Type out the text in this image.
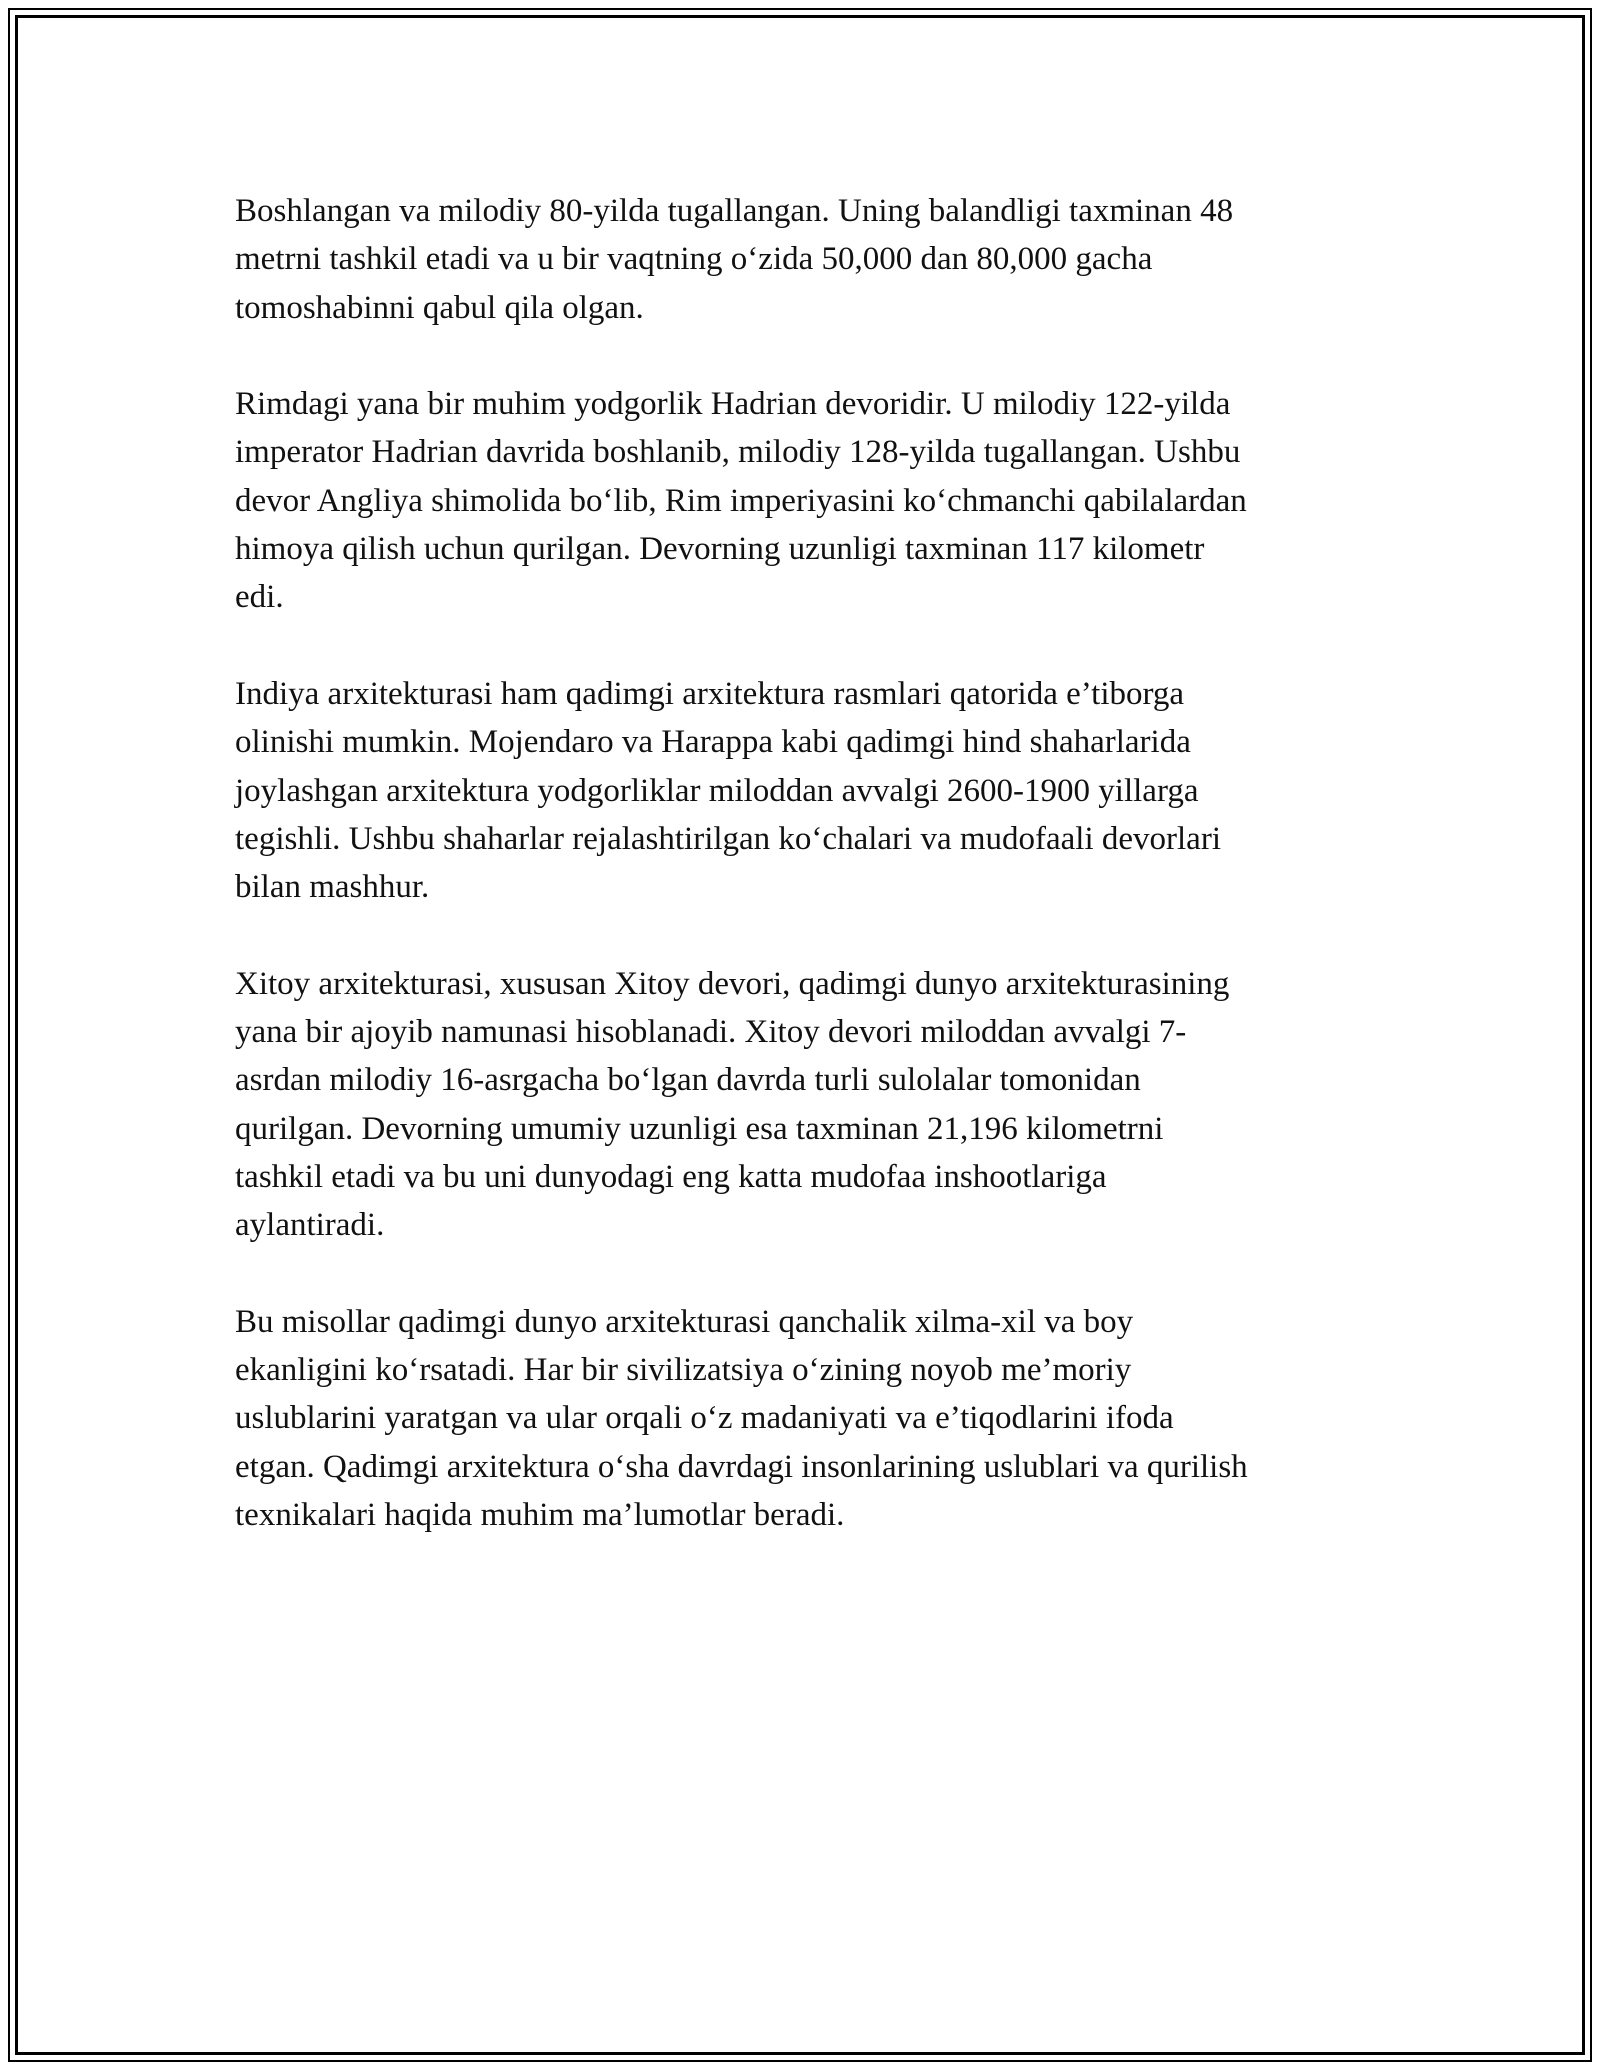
Boshlangan va milodiy 80-yilda tugallangan. Uning balandligi taxminan 48
metrni tashkil etadi va u bir vaqtning o‘zida 50,000 dan 80,000 gacha
tomoshabinni qabul qila olgan.
Rimdagi yana bir muhim yodgorlik Hadrian devoridir. U milodiy 122-yilda
imperator Hadrian davrida boshlanib, milodiy 128-yilda tugallangan. Ushbu
devor Angliya shimolida bo‘lib, Rim imperiyasini ko‘chmanchi qabilalardan
himoya qilish uchun qurilgan. Devorning uzunligi taxminan 117 kilometr
edi.
Indiya arxitekturasi ham qadimgi arxitektura rasmlari qatorida e’tiborga
olinishi mumkin. Mojendaro va Harappa kabi qadimgi hind shaharlarida
joylashgan arxitektura yodgorliklar miloddan avvalgi 2600-1900 yillarga
tegishli. Ushbu shaharlar rejalashtirilgan ko‘chalari va mudofaali devorlari
bilan mashhur.
Xitoy arxitekturasi, xususan Xitoy devori, qadimgi dunyo arxitekturasining
yana bir ajoyib namunasi hisoblanadi. Xitoy devori miloddan avvalgi 7-
asrdan milodiy 16-asrgacha bo‘lgan davrda turli sulolalar tomonidan
qurilgan. Devorning umumiy uzunligi esa taxminan 21,196 kilometrni
tashkil etadi va bu uni dunyodagi eng katta mudofaa inshootlariga
aylantiradi.
Bu misollar qadimgi dunyo arxitekturasi qanchalik xilma-xil va boy
ekanligini ko‘rsatadi. Har bir sivilizatsiya o‘zining noyob me’moriy
uslublarini yaratgan va ular orqali o‘z madaniyati va e’tiqodlarini ifoda
etgan. Qadimgi arxitektura o‘sha davrdagi insonlarining uslublari va qurilish
texnikalari haqida muhim ma’lumotlar beradi.
